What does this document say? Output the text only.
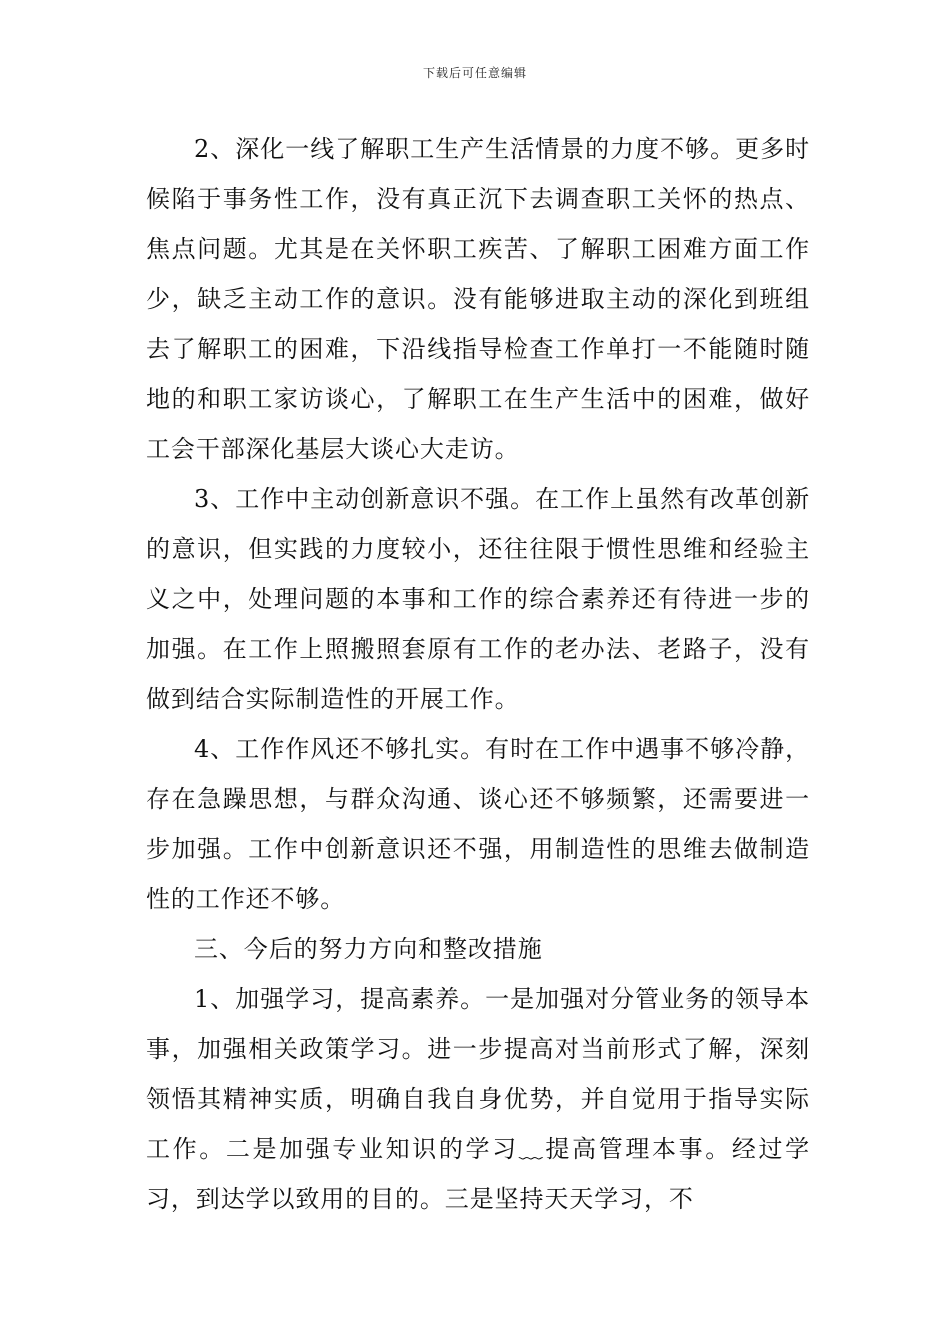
下载后可任意编辑

2、深化一线了解职工生产生活情景的力度不够。更多时候陷于事务性工作，没有真正沉下去调查职工关怀的热点、焦点问题。尤其是在关怀职工疾苦、了解职工困难方面工作少，缺乏主动工作的意识。没有能够进取主动的深化到班组去了解职工的困难，下沿线指导检查工作单打一不能随时随地的和职工家访谈心，了解职工在生产生活中的困难，做好工会干部深化基层大谈心大走访。

3、工作中主动创新意识不强。在工作上虽然有改革创新的意识，但实践的力度较小，还往往限于惯性思维和经验主义之中，处理问题的本事和工作的综合素养还有待进一步的加强。在工作上照搬照套原有工作的老办法、老路子，没有做到结合实际制造性的开展工作。

4、工作作风还不够扎实。有时在工作中遇事不够冷静，存在急躁思想，与群众沟通、谈心还不够频繁，还需要进一步加强。工作中创新意识还不强，用制造性的思维去做制造性的工作还不够。

三、今后的努力方向和整改措施

1、加强学习，提高素养。一是加强对分管业务的领导本事，加强相关政策学习。进一步提高对当前形式了解，深刻领悟其精神实质，明确自我自身优势，并自觉用于指导实际工作。二是加强专业知识的学习﹏提高管理本事。经过学习，到达学以致用的目的。三是坚持天天学习，不
